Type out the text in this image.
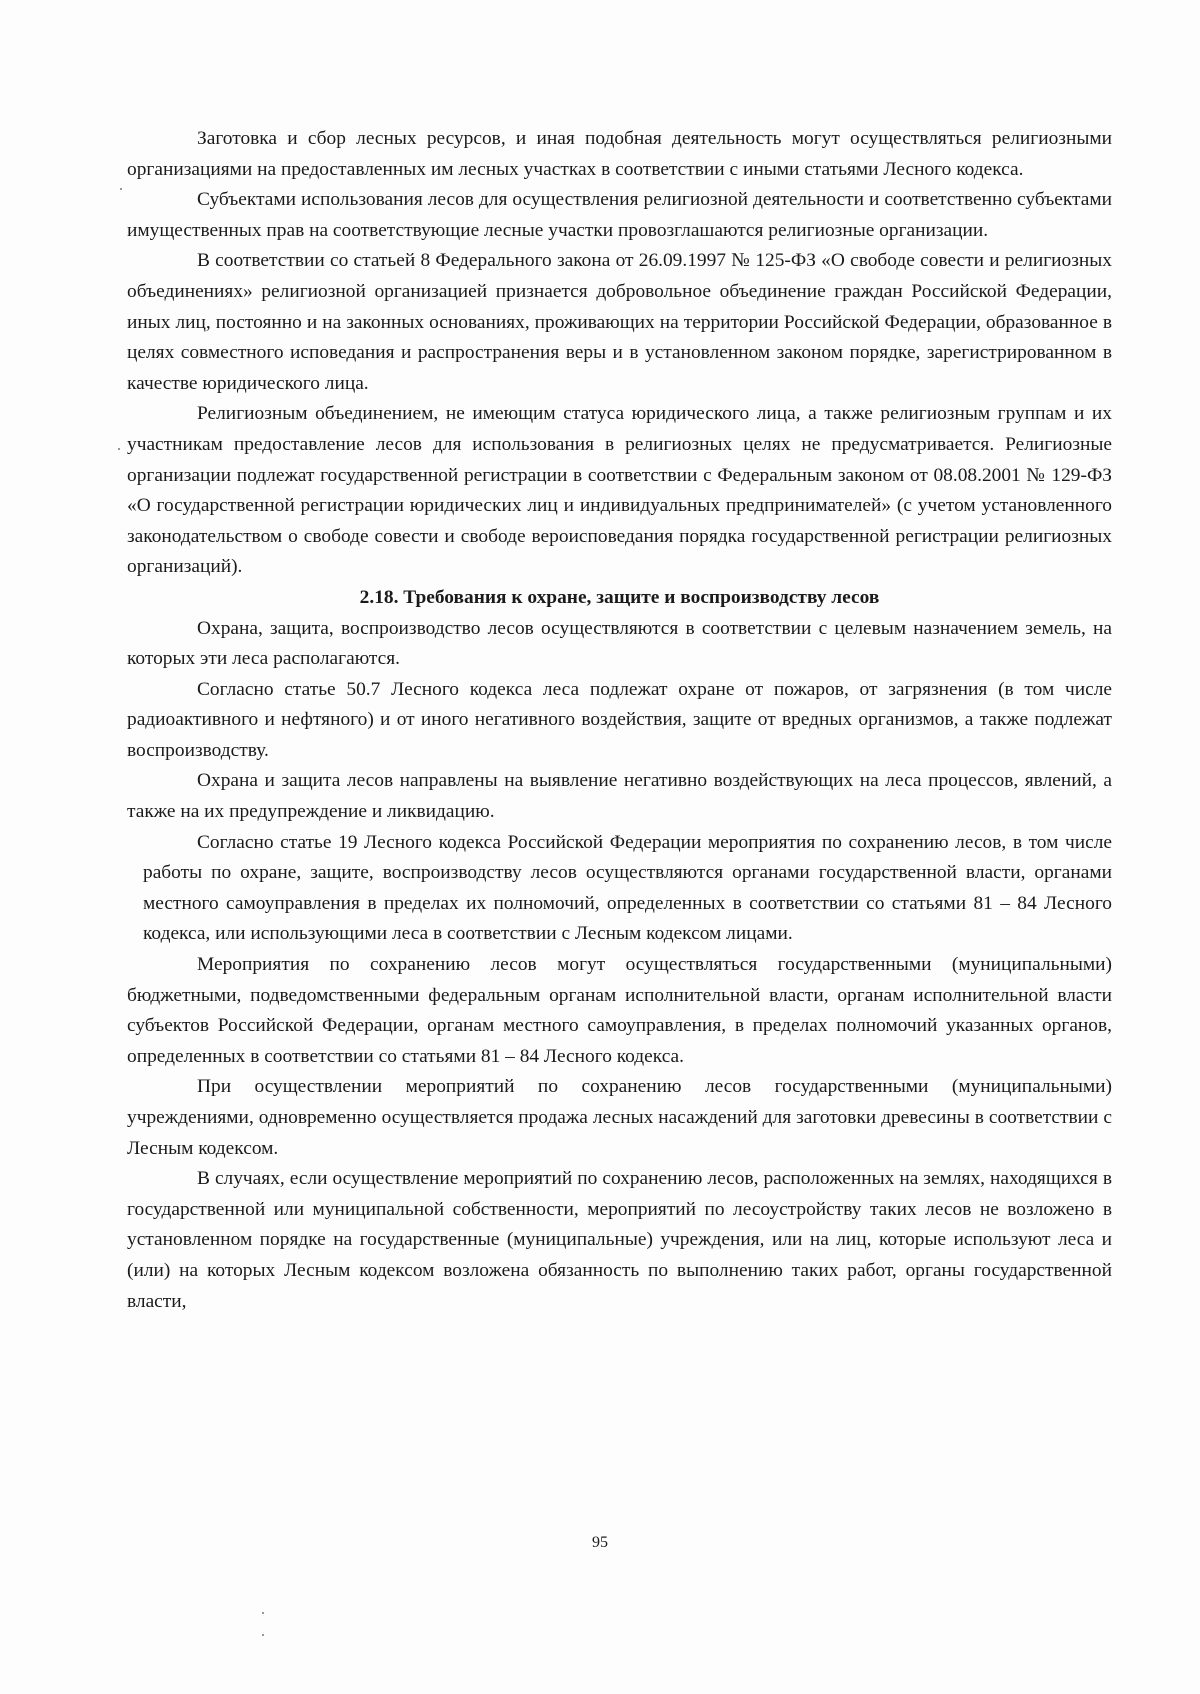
Заготовка и сбор лесных ресурсов, и иная подобная деятельность могут осуществляться религиозными организациями на предоставленных им лесных участках в соответствии с иными статьями Лесного кодекса.

Субъектами использования лесов для осуществления религиозной деятельности и соответственно субъектами имущественных прав на соответствующие лесные участки провозглашаются религиозные организации.

В соответствии со статьей 8 Федерального закона от 26.09.1997 № 125-ФЗ «О свободе совести и религиозных объединениях» религиозной организацией признается добровольное объединение граждан Российской Федерации, иных лиц, постоянно и на законных основаниях, проживающих на территории Российской Федерации, образованное в целях совместного исповедания и распространения веры и в установленном законом порядке, зарегистрированном в качестве юридического лица.

Религиозным объединением, не имеющим статуса юридического лица, а также религиозным группам и их участникам предоставление лесов для использования в религиозных целях не предусматривается. Религиозные организации подлежат государственной регистрации в соответствии с Федеральным законом от 08.08.2001 № 129-ФЗ «О государственной регистрации юридических лиц и индивидуальных предпринимателей» (с учетом установленного законодательством о свободе совести и свободе вероисповедания порядка государственной регистрации религиозных организаций).

2.18. Требования к охране, защите и воспроизводству лесов

Охрана, защита, воспроизводство лесов осуществляются в соответствии с целевым назначением земель, на которых эти леса располагаются.

Согласно статье 50.7 Лесного кодекса леса подлежат охране от пожаров, от загрязнения (в том числе радиоактивного и нефтяного) и от иного негативного воздействия, защите от вредных организмов, а также подлежат воспроизводству.

Охрана и защита лесов направлены на выявление негативно воздействующих на леса процессов, явлений, а также на их предупреждение и ликвидацию.

Согласно статье 19 Лесного кодекса Российской Федерации мероприятия по сохранению лесов, в том числе работы по охране, защите, воспроизводству лесов осуществляются органами государственной власти, органами местного самоуправления в пределах их полномочий, определенных в соответствии со статьями 81 – 84 Лесного кодекса, или использующими леса в соответствии с Лесным кодексом лицами.

Мероприятия по сохранению лесов могут осуществляться государственными (муниципальными) бюджетными, подведомственными федеральным органам исполнительной власти, органам исполнительной власти субъектов Российской Федерации, органам местного самоуправления, в пределах полномочий указанных органов, определенных в соответствии со статьями 81 – 84 Лесного кодекса.

При осуществлении мероприятий по сохранению лесов государственными (муниципальными) учреждениями, одновременно осуществляется продажа лесных насаждений для заготовки древесины в соответствии с Лесным кодексом.

В случаях, если осуществление мероприятий по сохранению лесов, расположенных на землях, находящихся в государственной или муниципальной собственности, мероприятий по лесоустройству таких лесов не возложено в установленном порядке на государственные (муниципальные) учреждения, или на лиц, которые используют леса и (или) на которых Лесным кодексом возложена обязанность по выполнению таких работ, органы государственной власти,

95
